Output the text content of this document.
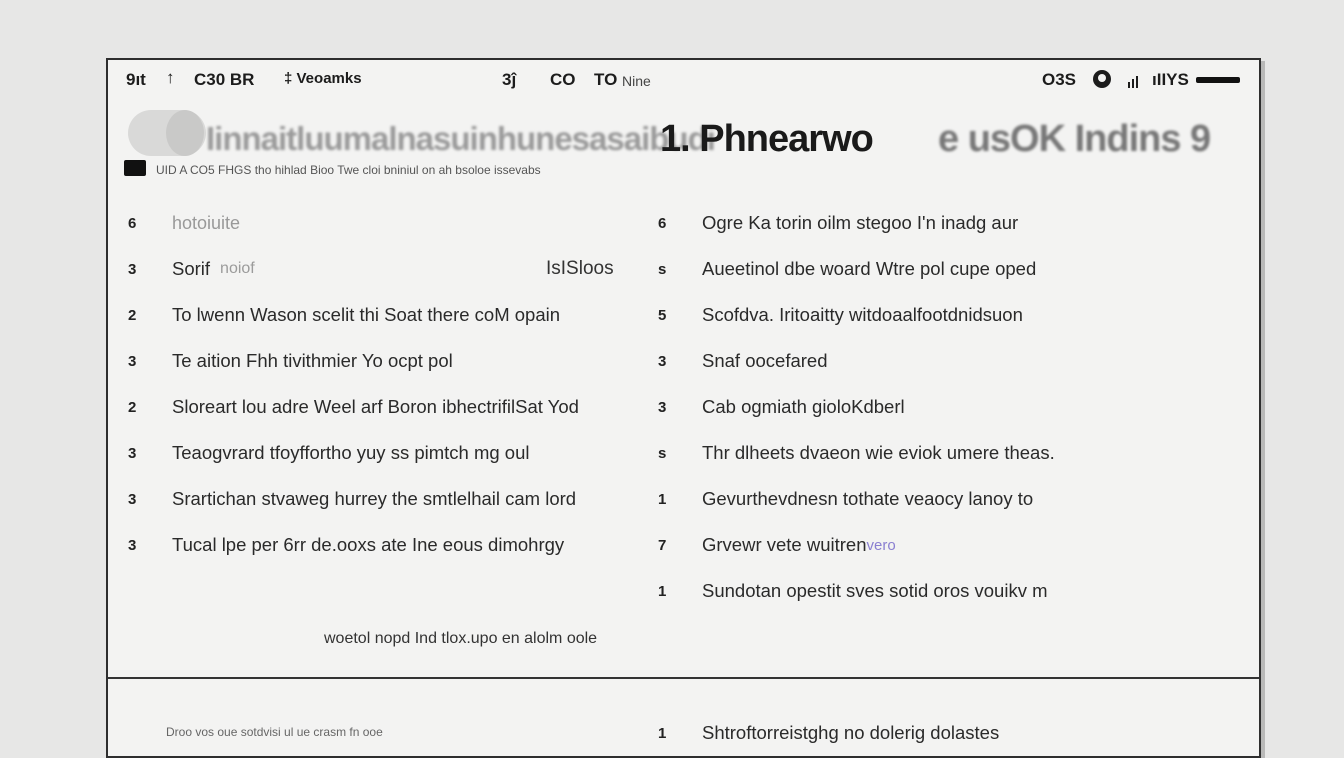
9ıt ↑ C30 BR ‡ Veoamks	3ĵ CO TO Nine	O3S	ıIIYS
Iinnaitluumalnasuinhunesasaibudi
1. Phnearwo e usOK Indins 9
UID A CO5 FHGS tho hihlad Bioo Twe cloi bniniul on ah bsoloe issevabs
6	hotoiuite
3	Sorif noiof	IsISloos
2	To lwenn Wason scelit thi Soat there coM opain
3	Te aition Fhh tivithmier Yo ocpt pol
2	Sloreart lou adre Weel arf Boron ibhectrifilSat Yod
3	Teaogvrard tfoyffortho yuy ss pimtch mg oul
3	Srartichan stvaweg hurrey the smtlelhail cam lord
3	Tucal lpe per 6rr de.ooxs ate Ine eous dimohrgy
6	Ogre Ka torin oilm stegoo I'n inadg aur
s	Aueetinol dbe woard Wtre pol cupe oped
5	Scofdva. Iritoaitty witdoaalfootdnidsuon
3	Snaf oocefared
3	Cab ogmiath gioloKdberl
s	Thr dlheets dvaeon wie eviok umere theas.
1	Gevurthevdnesn tothate veaocy lanoy to
7	Grvewr vete wuitren vero
1	Sundotan opestit sves sotid oros vouikv m
woetol nopd Ind tlox.upo en alolm oole
Droo vos oue sotdvisi ul ue crasm fn ooe	1	Shtroftorreistghg no dolerig dolastes
